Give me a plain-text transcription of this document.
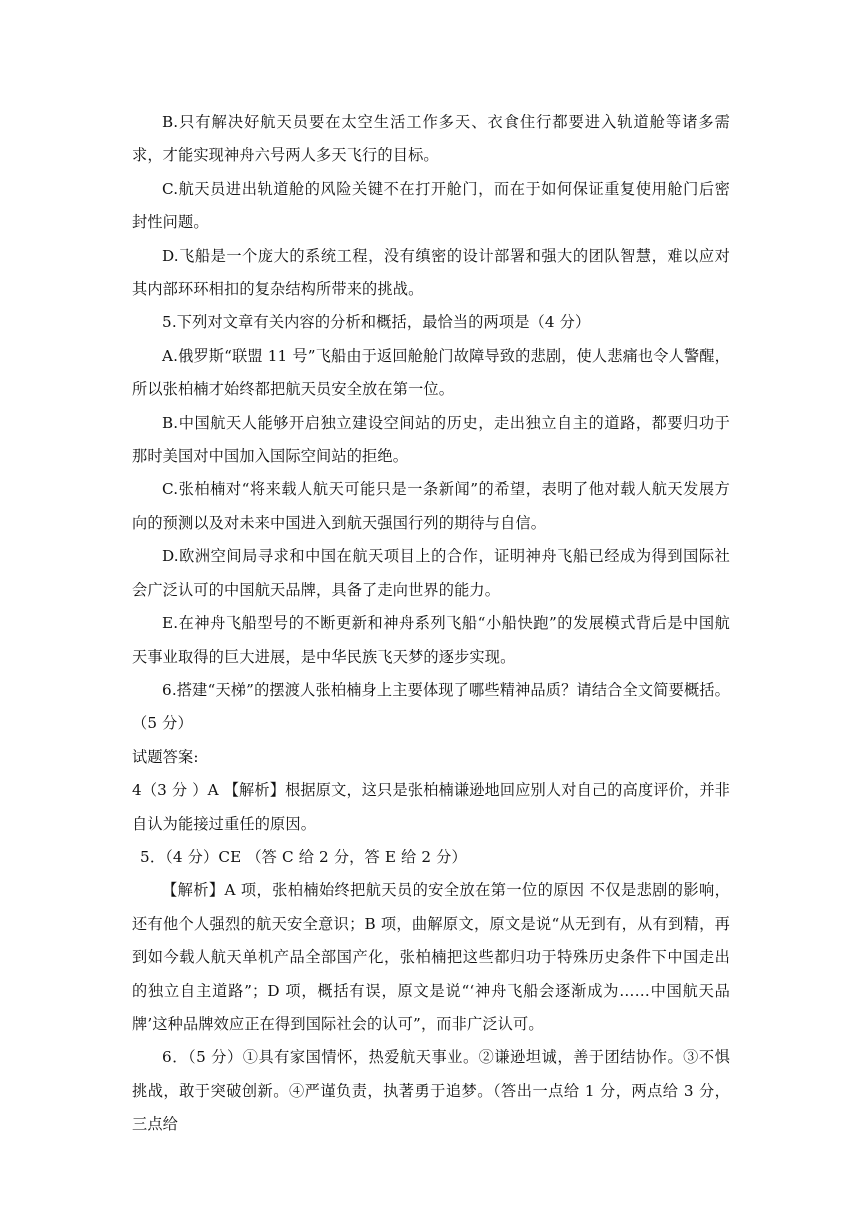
B.只有解决好航天员要在太空生活工作多天、衣食住行都要进入轨道舱等诸多需求，才能实现神舟六号两人多天飞行的目标。

C.航天员进出轨道舱的风险关键不在打开舱门，而在于如何保证重复使用舱门后密封性问题。

D.飞船是一个庞大的系统工程，没有缜密的设计部署和强大的团队智慧，难以应对其内部环环相扣的复杂结构所带来的挑战。

5.下列对文章有关内容的分析和概括，最恰当的两项是（4 分）

A.俄罗斯“联盟 11 号”飞船由于返回舱舱门故障导致的悲剧，使人悲痛也令人警醒，所以张柏楠才始终都把航天员安全放在第一位。

B.中国航天人能够开启独立建设空间站的历史，走出独立自主的道路，都要归功于那时美国对中国加入国际空间站的拒绝。

C.张柏楠对“将来载人航天可能只是一条新闻”的希望，表明了他对载人航天发展方向的预测以及对未来中国进入到航天强国行列的期待与自信。

D.欧洲空间局寻求和中国在航天项目上的合作，证明神舟飞船已经成为得到国际社会广泛认可的中国航天品牌，具备了走向世界的能力。

E.在神舟飞船型号的不断更新和神舟系列飞船“小船快跑”的发展模式背后是中国航天事业取得的巨大进展，是中华民族飞天梦的逐步实现。

6.搭建“天梯”的摆渡人张柏楠身上主要体现了哪些精神品质？请结合全文简要概括。（5 分）

试题答案:

4（3 分 ）A 【解析】根据原文，这只是张柏楠谦逊地回应别人对自己的高度评价，并非自认为能接过重任的原因。

5．（4 分）CE （答 C 给 2 分，答 E 给 2 分）

【解析】A 项，张柏楠始终把航天员的安全放在第一位的原因 不仅是悲剧的影响，还有他个人强烈的航天安全意识；B 项，曲解原文，原文是说“从无到有，从有到精，再到如今载人航天单机产品全部国产化，张柏楠把这些都归功于特殊历史条件下中国走出的独立自主道路”；D 项，概括有误，原文是说“‘神舟飞船会逐渐成为……中国航天品牌’这种品牌效应正在得到国际社会的认可”，而非广泛认可。

6．（5 分）①具有家国情怀，热爱航天事业。②谦逊坦诚，善于团结协作。③不惧 挑战，敢于突破创新。④严谨负责，执著勇于追梦。（答出一点给 1 分，两点给 3 分，三点给
